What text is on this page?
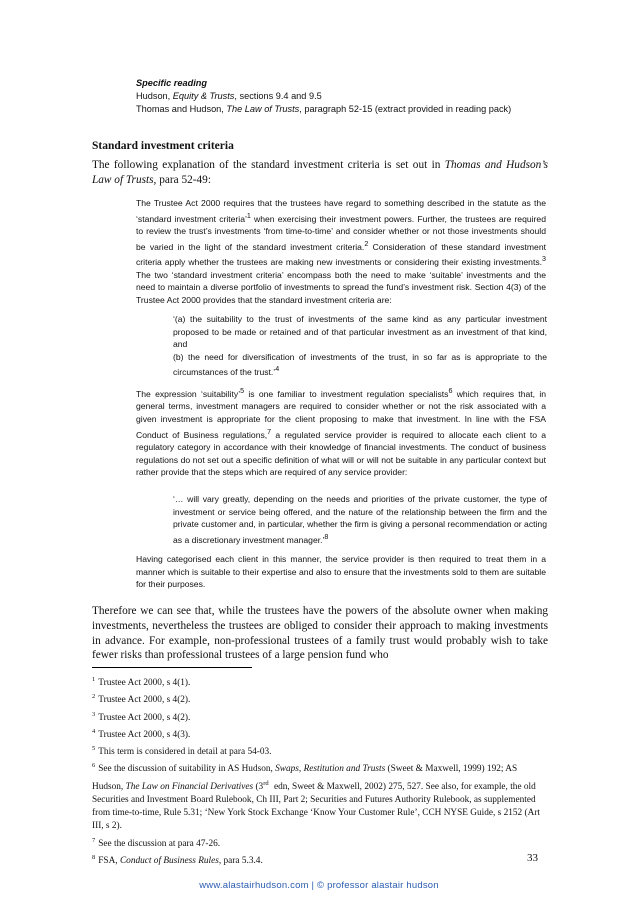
Specific reading
Hudson, Equity & Trusts, sections 9.4 and 9.5
Thomas and Hudson, The Law of Trusts, paragraph 52-15 (extract provided in reading pack)
Standard investment criteria
The following explanation of the standard investment criteria is set out in Thomas and Hudson’s Law of Trusts, para 52-49:
The Trustee Act 2000 requires that the trustees have regard to something described in the statute as the ‘standard investment criteria’$^1$ when exercising their investment powers. Further, the trustees are required to review the trust’s investments ‘from time-to-time’ and consider whether or not those investments should be varied in the light of the standard investment criteria.$^2$ Consideration of these standard investment criteria apply whether the trustees are making new investments or considering their existing investments.$^3$ The two ‘standard investment criteria’ encompass both the need to make ‘suitable’ investments and the need to maintain a diverse portfolio of investments to spread the fund’s investment risk. Section 4(3) of the Trustee Act 2000 provides that the standard investment criteria are:
‘(a) the suitability to the trust of investments of the same kind as any particular investment proposed to be made or retained and of that particular investment as an investment of that kind, and
(b) the need for diversification of investments of the trust, in so far as is appropriate to the circumstances of the trust.’$^4$
The expression ‘suitability’$^5$ is one familiar to investment regulation specialists$^6$ which requires that, in general terms, investment managers are required to consider whether or not the risk associated with a given investment is appropriate for the client proposing to make that investment. In line with the FSA Conduct of Business regulations,$^7$ a regulated service provider is required to allocate each client to a regulatory category in accordance with their knowledge of financial investments. The conduct of business regulations do not set out a specific definition of what will or will not be suitable in any particular context but rather provide that the steps which are required of any service provider:
‘… will vary greatly, depending on the needs and priorities of the private customer, the type of investment or service being offered, and the nature of the relationship between the firm and the private customer and, in particular, whether the firm is giving a personal recommendation or acting as a discretionary investment manager.’$^8$
Having categorised each client in this manner, the service provider is then required to treat them in a manner which is suitable to their expertise and also to ensure that the investments sold to them are suitable for their purposes.
Therefore we can see that, while the trustees have the powers of the absolute owner when making investments, nevertheless the trustees are obliged to consider their approach to making investments in advance. For example, non-professional trustees of a family trust would probably wish to take fewer risks than professional trustees of a large pension fund who

$^1$ Trustee Act 2000, s 4(1).

$^2$ Trustee Act 2000, s 4(2).

$^3$ Trustee Act 2000, s 4(2).

$^4$ Trustee Act 2000, s 4(3).

$^5$ This term is considered in detail at para 54-03.

$^6$ See the discussion of suitability in AS Hudson, Swaps, Restitution and Trusts (Sweet & Maxwell, 1999) 192; AS Hudson, The Law on Financial Derivatives (3rd edn, Sweet & Maxwell, 2002) 275, 527. See also, for example, the old Securities and Investment Board Rulebook, Ch III, Part 2; Securities and Futures Authority Rulebook, as supplemented from time-to-time, Rule 5.31; ‘New York Stock Exchange ‘Know Your Customer Rule’, CCH NYSE Guide, s 2152 (Art III, s 2).

$^7$ See the discussion at para 47-26.

$^8$ FSA, Conduct of Business Rules, para 5.3.4.	33
www.alastairhudson.com | © professor alastair hudson
